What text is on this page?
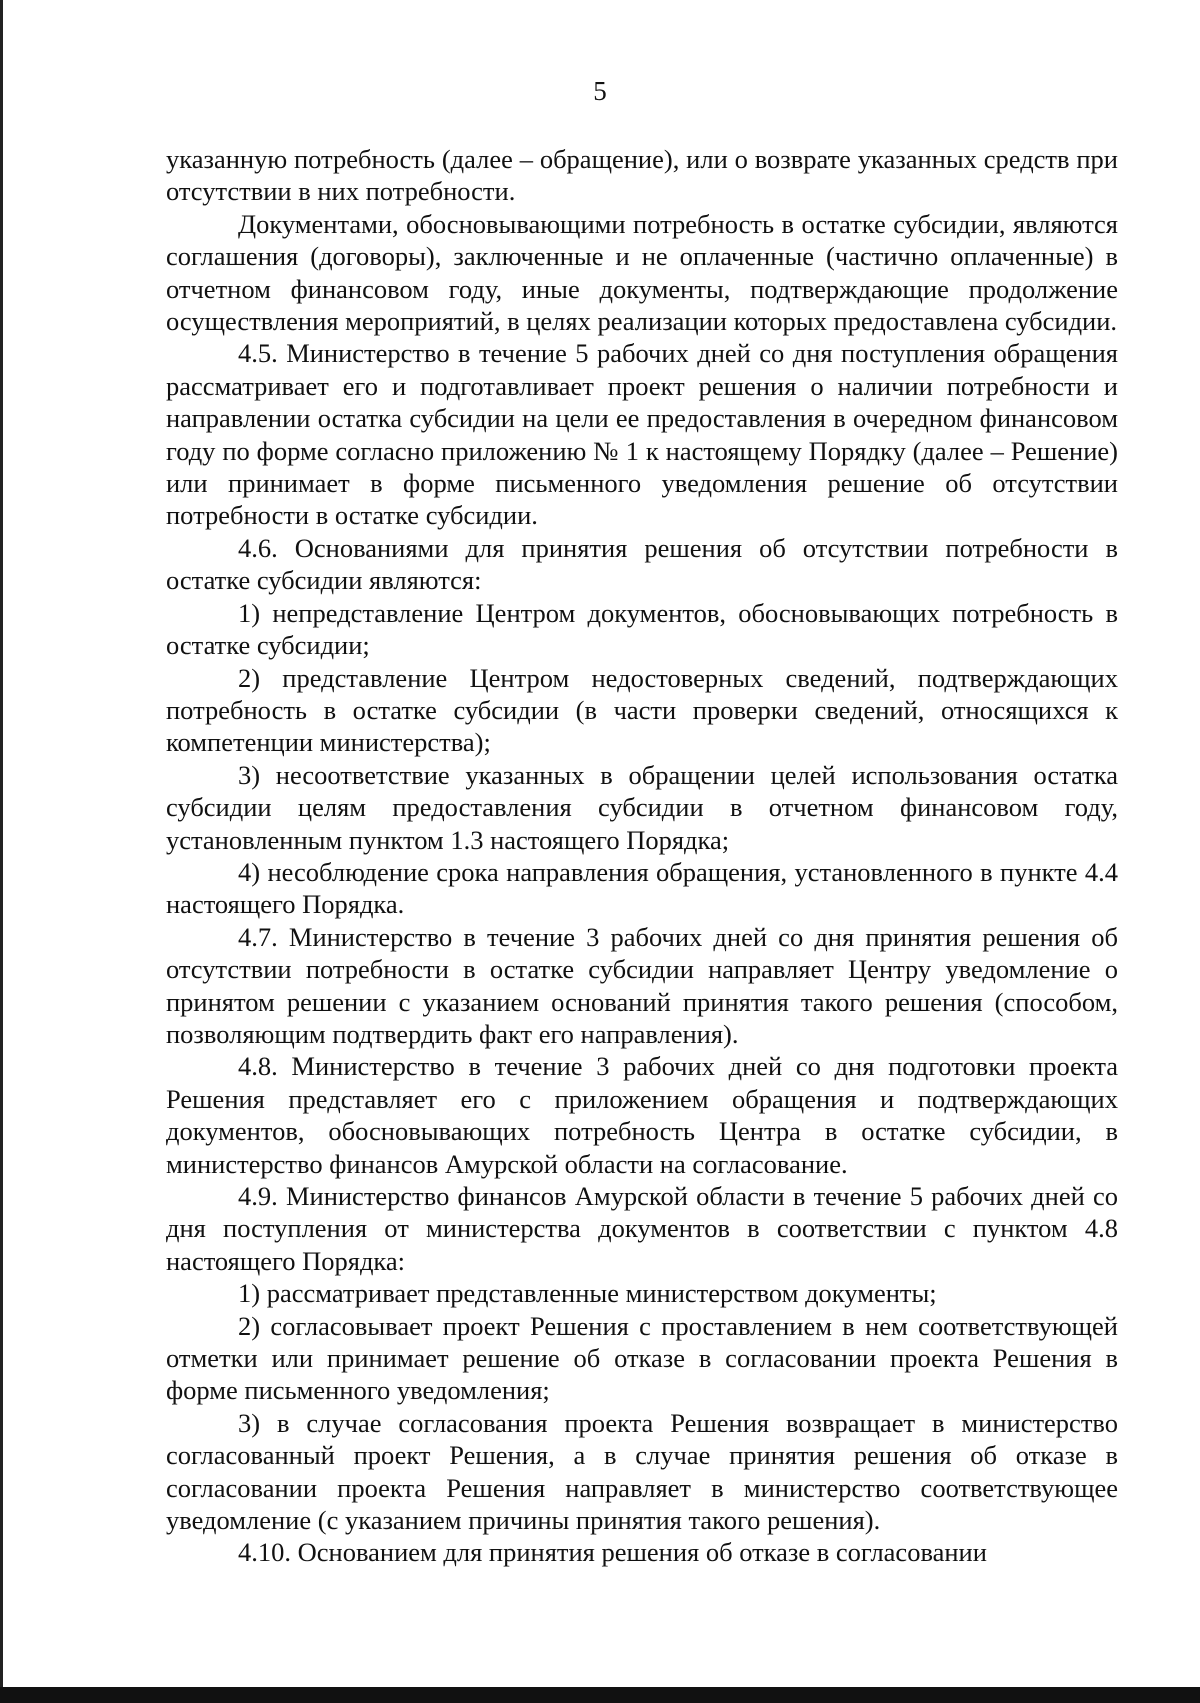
5

указанную потребность (далее – обращение), или о возврате указанных средств при отсутствии в них потребности.

Документами, обосновывающими потребность в остатке субсидии, являются соглашения (договоры), заключенные и не оплаченные (частично оплаченные) в отчетном финансовом году, иные документы, подтверждающие продолжение осуществления мероприятий, в целях реализации которых предоставлена субсидии.

4.5. Министерство в течение 5 рабочих дней со дня поступления обращения рассматривает его и подготавливает проект решения о наличии потребности и направлении остатка субсидии на цели ее предоставления в очередном финансовом году по форме согласно приложению № 1 к настоящему Порядку (далее – Решение) или принимает в форме письменного уведомления решение об отсутствии потребности в остатке субсидии.

4.6. Основаниями для принятия решения об отсутствии потребности в остатке субсидии являются:

1) непредставление Центром документов, обосновывающих потребность в остатке субсидии;

2) представление Центром недостоверных сведений, подтверждающих потребность в остатке субсидии (в части проверки сведений, относящихся к компетенции министерства);

3) несоответствие указанных в обращении целей использования остатка субсидии целям предоставления субсидии в отчетном финансовом году, установленным пунктом 1.3 настоящего Порядка;

4) несоблюдение срока направления обращения, установленного в пункте 4.4 настоящего Порядка.

4.7. Министерство в течение 3 рабочих дней со дня принятия решения об отсутствии потребности в остатке субсидии направляет Центру уведомление о принятом решении с указанием оснований принятия такого решения (способом, позволяющим подтвердить факт его направления).

4.8. Министерство в течение 3 рабочих дней со дня подготовки проекта Решения представляет его с приложением обращения и подтверждающих документов, обосновывающих потребность Центра в остатке субсидии, в министерство финансов Амурской области на согласование.

4.9. Министерство финансов Амурской области в течение 5 рабочих дней со дня поступления от министерства документов в соответствии с пунктом 4.8 настоящего Порядка:

1) рассматривает представленные министерством документы;

2) согласовывает проект Решения с проставлением в нем соответствующей отметки или принимает решение об отказе в согласовании проекта Решения в форме письменного уведомления;

3) в случае согласования проекта Решения возвращает в министерство согласованный проект Решения, а в случае принятия решения об отказе в согласовании проекта Решения направляет в министерство соответствующее уведомление (с указанием причины принятия такого решения).

4.10. Основанием для принятия решения об отказе в согласовании
